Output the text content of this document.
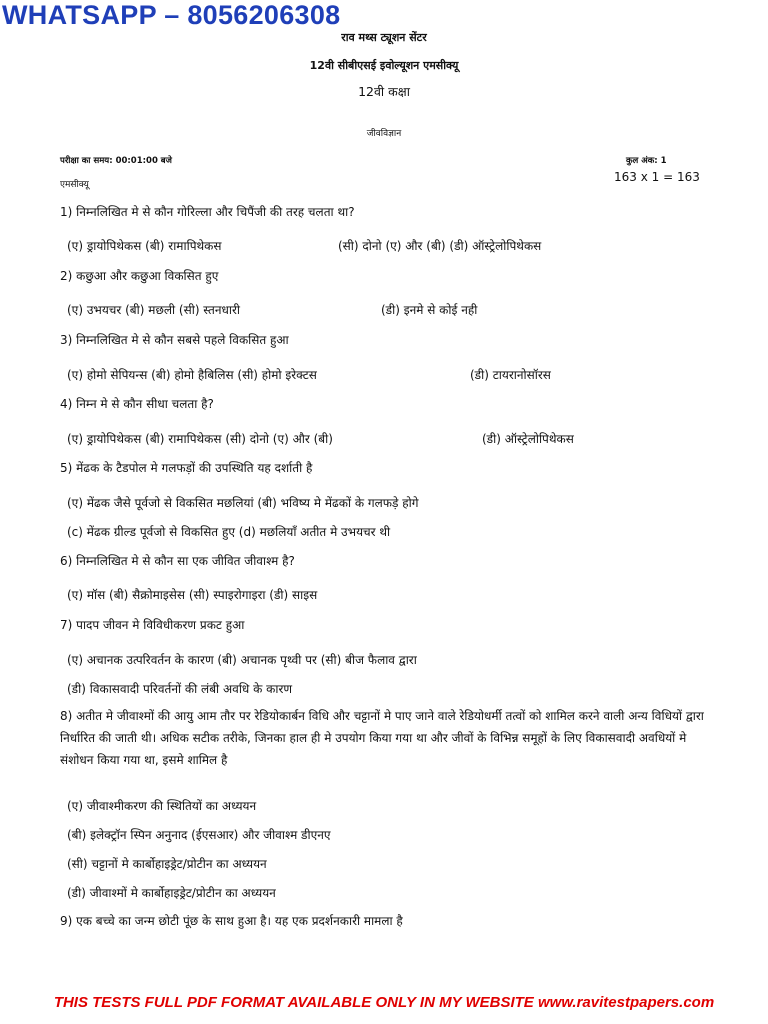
WHATSAPP – 8056206308
राव मथ्स ट्यूशन सेंटर
12वी सीबीएसई इवोल्यूशन एमसीक्यू
12वी कक्षा
जीवविज्ञान
परीक्षा का समय: 00:01:00 बजे	कुल अंक: 1
एमसीक्यू
163 x 1 = 163
1) निम्नलिखित मे से कौन गोरिल्ला और चिपैंजी की तरह चलता था?
(ए) ड्रायोपिथेकस (बी) रामापिथेकस	(सी) दोनो (ए) और (बी) (डी) ऑस्ट्रेलोपिथेकस
2) कछुआ और कछुआ विकसित हुए
(ए) उभयचर (बी) मछली (सी) स्तनधारी	(डी) इनमे से कोई नही
3) निम्नलिखित मे से कौन सबसे पहले विकसित हुआ
(ए) होमो सेपियन्स (बी) होमो हैबिलिस (सी) होमो इरेक्टस	(डी) टायरानोसॉरस
4) निम्न मे से कौन सीधा चलता है?
(ए) ड्रायोपिथेकस (बी) रामापिथेकस (सी) दोनो (ए) और (बी)	(डी) ऑस्ट्रेलोपिथेकस
5) मेंढक के टैडपोल मे गलफड़ों की उपस्थिति यह दर्शाती है
(ए) मेंढक जैसे पूर्वजो से विकसित मछलियां (बी) भविष्य मे मेंढकों के गलफड़े होगे
(c) मेंढक ग्रील्ड पूर्वजो से विकसित हुए (d) मछलियाँ अतीत मे उभयचर थी
6) निम्नलिखित मे से कौन सा एक जीवित जीवाश्म है?
(ए) मॉस (बी) सैक्रोमाइसेस (सी) स्पाइरोगाइरा (डी) साइस
7) पादप जीवन मे विविधीकरण प्रकट हुआ
(ए) अचानक उत्परिवर्तन के कारण (बी) अचानक पृथ्वी पर (सी) बीज फैलाव द्वारा
(डी) विकासवादी परिवर्तनों की लंबी अवधि के कारण
8) अतीत मे जीवाश्मों की आयु आम तौर पर रेडियोकार्बन विधि और चट्टानों मे पाए जाने वाले रेडियोधर्मी तत्वों को शामिल करने वाली अन्य विधियों द्वारा निर्धारित की जाती थी। अधिक सटीक तरीके, जिनका हाल ही मे उपयोग किया गया था और जीवों के विभिन्न समूहों के लिए विकासवादी अवधियों मे संशोधन किया गया था, इसमे शामिल है
(ए) जीवाश्मीकरण की स्थितियों का अध्ययन
(बी) इलेक्ट्रॉन स्पिन अनुनाद (ईएसआर) और जीवाश्म डीएनए
(सी) चट्टानों मे कार्बोहाइड्रेट/प्रोटीन का अध्ययन
(डी) जीवाश्मों मे कार्बोहाइड्रेट/प्रोटीन का अध्ययन
9) एक बच्चे का जन्म छोटी पूंछ के साथ हुआ है। यह एक प्रदर्शनकारी मामला है
THIS TESTS FULL PDF FORMAT AVAILABLE ONLY IN MY WEBSITE www.ravitestpapers.com
